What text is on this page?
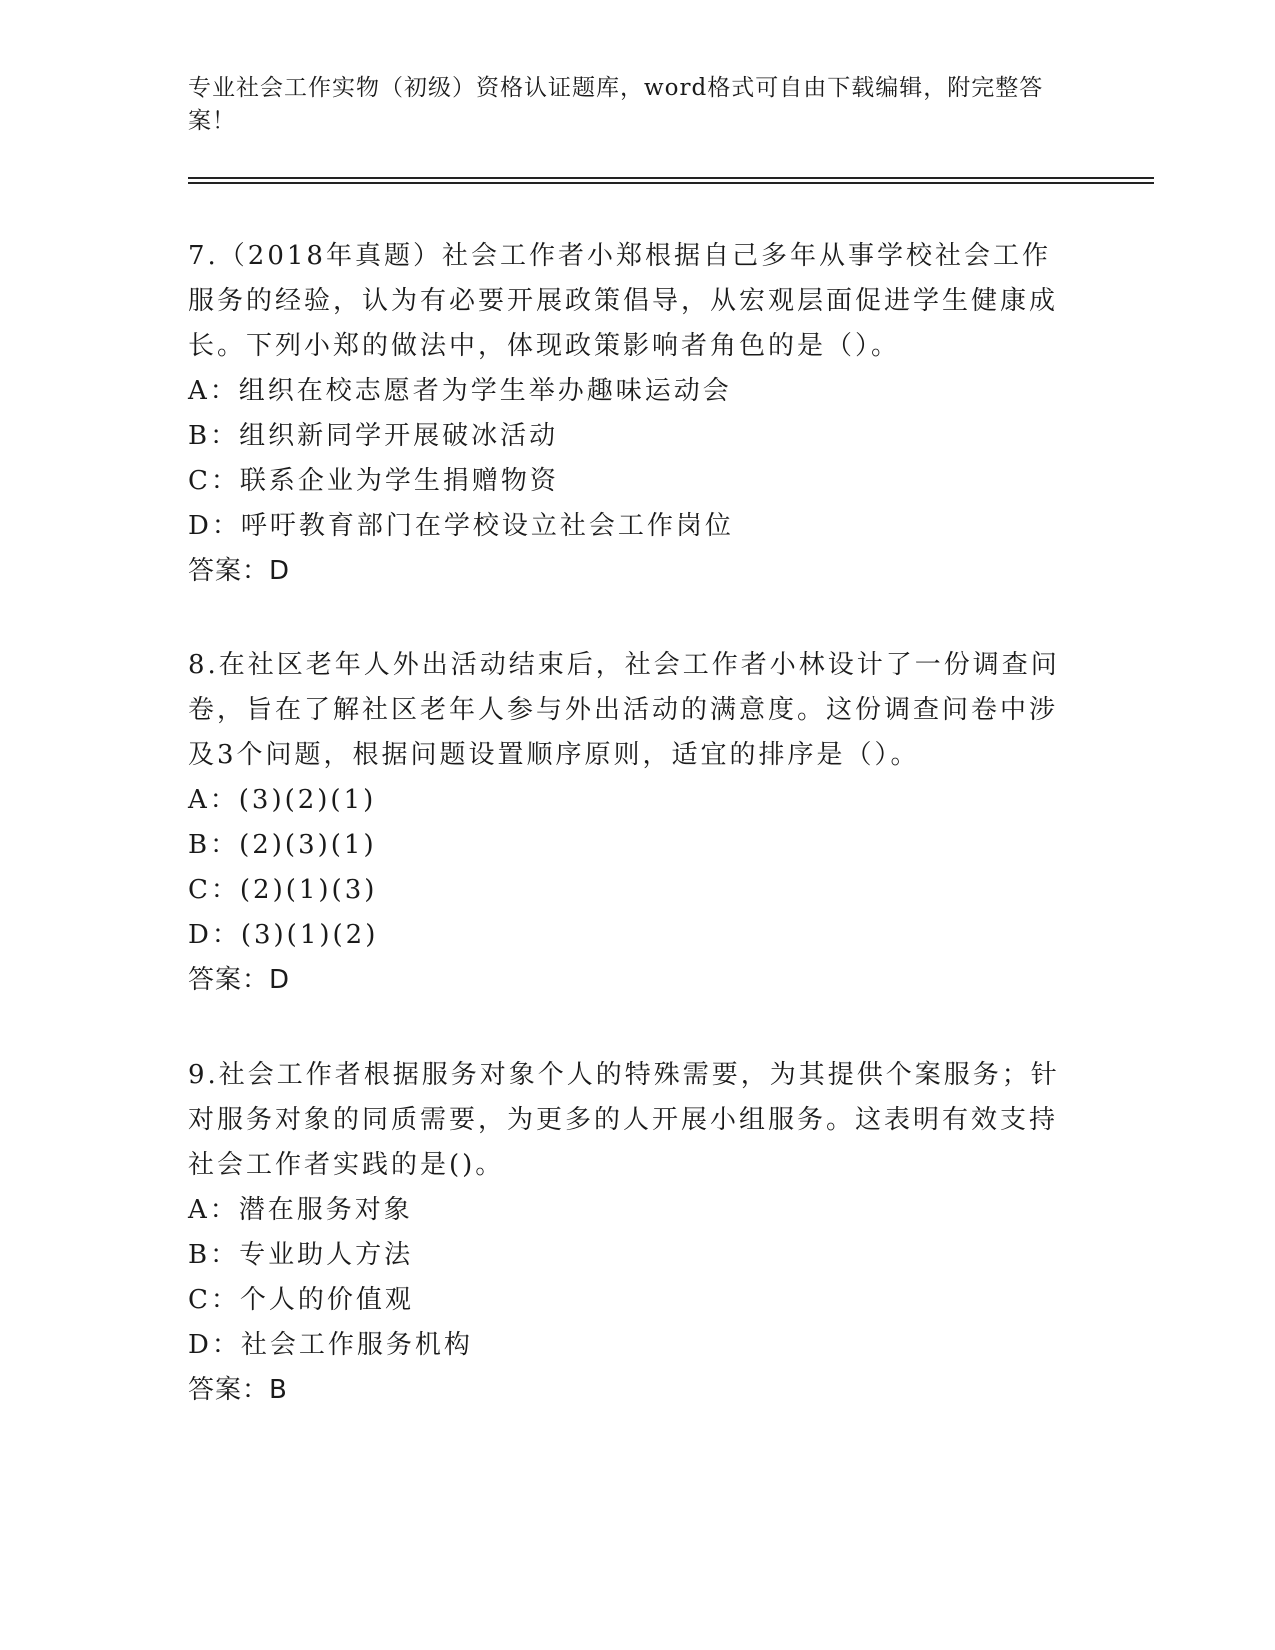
专业社会工作实物（初级）资格认证题库，word格式可自由下载编辑，附完整答案！

7.（2018年真题）社会工作者小郑根据自己多年从事学校社会工作服务的经验，认为有必要开展政策倡导，从宏观层面促进学生健康成长。下列小郑的做法中，体现政策影响者角色的是（）。

A：组织在校志愿者为学生举办趣味运动会

B：组织新同学开展破冰活动

C：联系企业为学生捐赠物资

D：呼吁教育部门在学校设立社会工作岗位

答案：D

8.在社区老年人外出活动结束后，社会工作者小林设计了一份调查问卷，旨在了解社区老年人参与外出活动的满意度。这份调查问卷中涉及3个问题，根据问题设置顺序原则，适宜的排序是（）。

A：(3)(2)(1)

B：(2)(3)(1)

C：(2)(1)(3)

D：(3)(1)(2)

答案：D

9.社会工作者根据服务对象个人的特殊需要，为其提供个案服务；针对服务对象的同质需要，为更多的人开展小组服务。这表明有效支持社会工作者实践的是()。

A：潜在服务对象

B：专业助人方法

C：个人的价值观

D：社会工作服务机构

答案：B
